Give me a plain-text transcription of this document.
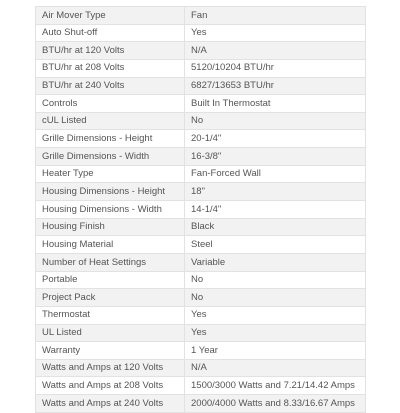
Air Mover Type	Fan
Auto Shut-off	Yes
BTU/hr at 120 Volts	N/A
BTU/hr at 208 Volts	5120/10204 BTU/hr
BTU/hr at 240 Volts	6827/13653 BTU/hr
Controls	Built In Thermostat
cUL Listed	No
Grille Dimensions - Height	20-1/4"
Grille Dimensions - Width	16-3/8"
Heater Type	Fan-Forced Wall
Housing Dimensions - Height	18"
Housing Dimensions - Width	14-1/4"
Housing Finish	Black
Housing Material	Steel
Number of Heat Settings	Variable
Portable	No
Project Pack	No
Thermostat	Yes
UL Listed	Yes
Warranty	1 Year
Watts and Amps at 120 Volts	N/A
Watts and Amps at 208 Volts	1500/3000 Watts and 7.21/14.42 Amps
Watts and Amps at 240 Volts	2000/4000 Watts and 8.33/16.67 Amps
